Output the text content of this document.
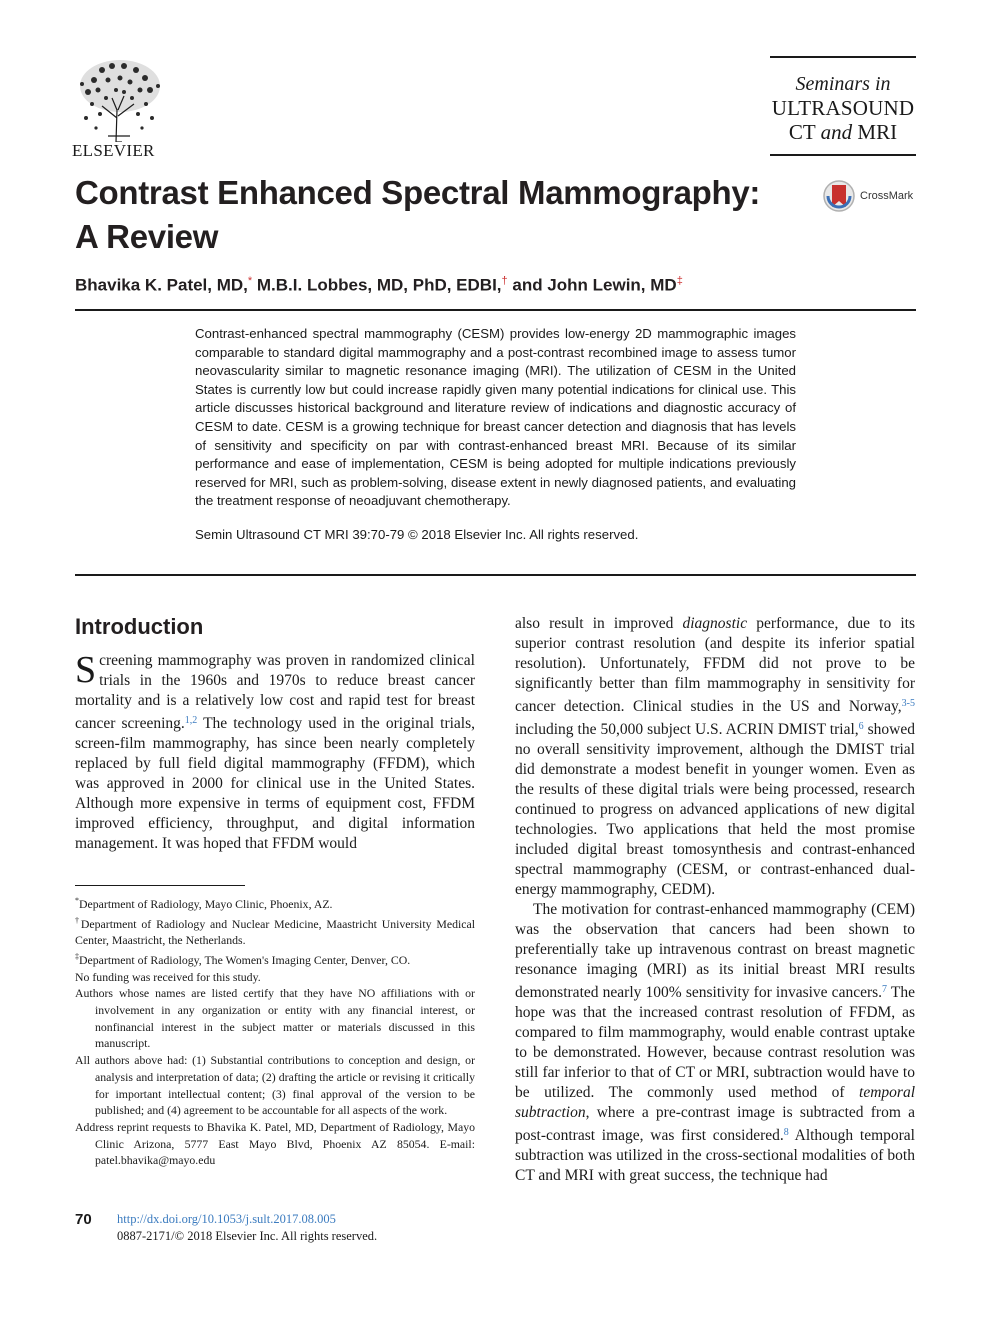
ELSEVIER
Seminars in
ULTRASOUND
CT and MRI
CrossMark
Contrast Enhanced Spectral Mammography:
A Review
Bhavika K. Patel, MD,* M.B.I. Lobbes, MD, PhD, EDBI,† and John Lewin, MD‡
Contrast-enhanced spectral mammography (CESM) provides low-energy 2D mammographic images comparable to standard digital mammography and a post-contrast recombined image to assess tumor neovascularity similar to magnetic resonance imaging (MRI). The utilization of CESM in the United States is currently low but could increase rapidly given many potential indications for clinical use. This article discusses historical background and literature review of indications and diagnostic accuracy of CESM to date. CESM is a growing technique for breast cancer detection and diagnosis that has levels of sensitivity and specificity on par with contrast-enhanced breast MRI. Because of its similar performance and ease of implementation, CESM is being adopted for multiple indications previously reserved for MRI, such as problem-solving, disease extent in newly diagnosed patients, and evaluating the treatment response of neoadjuvant chemotherapy.
Semin Ultrasound CT MRI 39:70-79 © 2018 Elsevier Inc. All rights reserved.
Introduction

Screening mammography was proven in randomized clinical trials in the 1960s and 1970s to reduce breast cancer mortality and is a relatively low cost and rapid test for breast cancer screening.$^{1,2}$ The technology used in the original trials, screen-film mammography, has since been nearly completely replaced by full field digital mammography (FFDM), which was approved in 2000 for clinical use in the United States. Although more expensive in terms of equipment cost, FFDM improved efficiency, throughput, and digital information management. It was hoped that FFDM would

also result in improved diagnostic performance, due to its superior contrast resolution (and despite its inferior spatial resolution). Unfortunately, FFDM did not prove to be significantly better than film mammography in sensitivity for cancer detection. Clinical studies in the US and Norway,$^{3-5}$ including the 50,000 subject U.S. ACRIN DMIST trial,$^6$ showed no overall sensitivity improvement, although the DMIST trial did demonstrate a modest benefit in younger women. Even as the results of these digital trials were being processed, research continued to progress on advanced applications of new digital technologies. Two applications that held the most promise included digital breast tomosynthesis and contrast-enhanced spectral mammography (CESM, or contrast-enhanced dual-energy mammography, CEDM).

The motivation for contrast-enhanced mammography (CEM) was the observation that cancers had been shown to preferentially take up intravenous contrast on breast magnetic resonance imaging (MRI) as its initial breast MRI results demonstrated nearly 100% sensitivity for invasive cancers.$^7$ The hope was that the increased contrast resolution of FFDM, as compared to film mammography, would enable contrast uptake to be demonstrated. However, because contrast resolution was still far inferior to that of CT or MRI, subtraction would have to be utilized. The commonly used method of temporal subtraction, where a pre-contrast image is subtracted from a post-contrast image, was first considered.$^8$ Although temporal subtraction was utilized in the cross-sectional modalities of both CT and MRI with great success, the technique had

*Department of Radiology, Mayo Clinic, Phoenix, AZ.

†Department of Radiology and Nuclear Medicine, Maastricht University Medical Center, Maastricht, the Netherlands.

‡Department of Radiology, The Women's Imaging Center, Denver, CO.

No funding was received for this study.

Authors whose names are listed certify that they have NO affiliations with or involvement in any organization or entity with any financial interest, or nonfinancial interest in the subject matter or materials discussed in this manuscript.

All authors above had: (1) Substantial contributions to conception and design, or analysis and interpretation of data; (2) drafting the article or revising it critically for important intellectual content; (3) final approval of the version to be published; and (4) agreement to be accountable for all aspects of the work.

Address reprint requests to Bhavika K. Patel, MD, Department of Radiology, Mayo Clinic Arizona, 5777 East Mayo Blvd, Phoenix AZ 85054. E-mail: patel.bhavika@mayo.edu

70 http://dx.doi.org/10.1053/j.sult.2017.08.005
0887-2171/© 2018 Elsevier Inc. All rights reserved.
